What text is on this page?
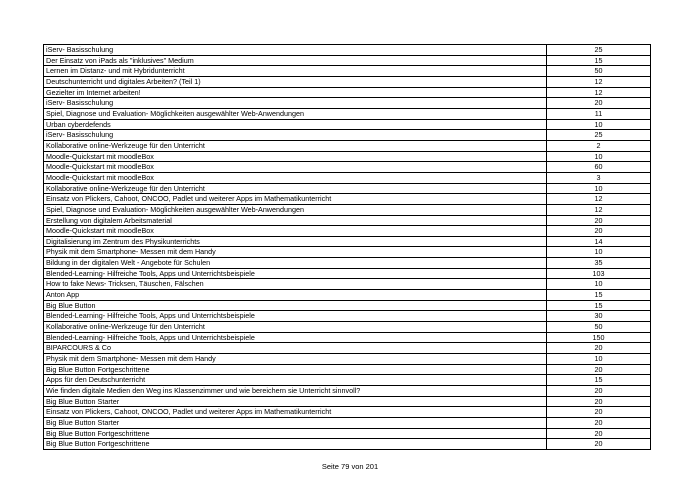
iServ- Basisschulung	25
Der Einsatz von iPads als "inklusives" Medium	15
Lernen im Distanz- und mit Hybridunterricht	50
Deutschunterricht und digitales Arbeiten? (Teil 1)	12
Gezielter im Internet arbeiten!	12
iServ- Basisschulung	20
Spiel, Diagnose und Evaluation- Möglichkeiten ausgewählter Web-Anwendungen	11
Urban cyberdefends	10
iServ- Basisschulung	25
Kollaborative online-Werkzeuge für den Unterricht	2
Moodle-Quickstart mit moodleBox	10
Moodle-Quickstart mit moodleBox	60
Moodle-Quickstart mit moodleBox	3
Kollaborative online-Werkzeuge für den Unterricht	10
Einsatz von Plickers, Cahoot, ONCOO, Padlet und weiterer Apps im Mathematikunterricht	12
Spiel, Diagnose und Evaluation- Möglichkeiten ausgewählter Web-Anwendungen	12
Erstellung von digitalem Arbeitsmaterial	20
Moodle-Quickstart mit moodleBox	20
Digitalisierung im Zentrum des Physikunterrichts	14
Physik mit dem Smartphone- Messen mit dem Handy	10
Bildung in der digitalen Welt - Angebote für Schulen	35
Blended-Learning- Hilfreiche Tools, Apps und Unterrichtsbeispiele	103
How to fake News- Tricksen, Täuschen, Fälschen	10
Anton App	15
Big Blue Button	15
Blended-Learning- Hilfreiche Tools, Apps und Unterrichtsbeispiele	30
Kollaborative online-Werkzeuge für den Unterricht	50
Blended-Learning- Hilfreiche Tools, Apps und Unterrichtsbeispiele	150
BIPARCOURS & Co	20
Physik mit dem Smartphone- Messen mit dem Handy	10
Big Blue Button Fortgeschrittene	20
Apps für den Deutschunterricht	15
Wie finden digitale Medien den Weg ins Klassenzimmer und wie bereichern sie Unterricht sinnvoll?	20
Big Blue Button Starter	20
Einsatz von Plickers, Cahoot, ONCOO, Padlet und weiterer Apps im Mathematikunterricht	20
Big Blue Button Starter	20
Big Blue Button Fortgeschrittene	20
Big Blue Button Fortgeschrittene	20
Seite 79 von 201
